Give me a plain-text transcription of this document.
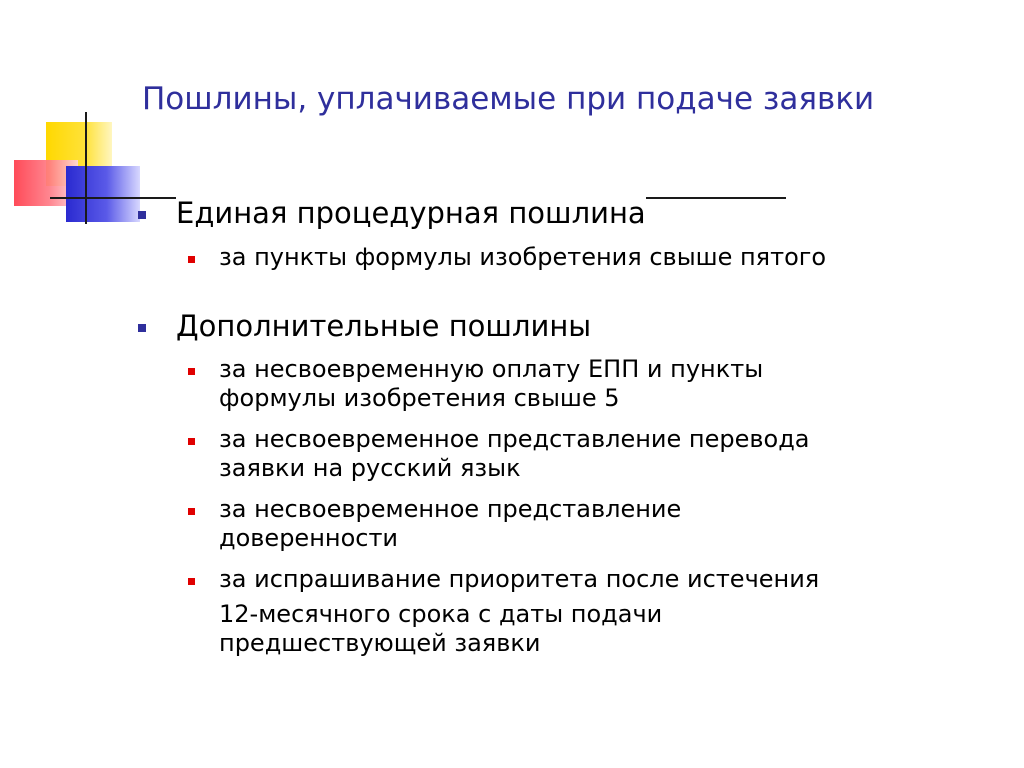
Пошлины, уплачиваемые при подаче заявки
Единая процедурная пошлина
за пункты формулы изобретения свыше пятого
Дополнительные пошлины
за несвоевременную оплату ЕПП и пункты
формулы изобретения свыше 5
за несвоевременное представление перевода
заявки на русский язык
за несвоевременное представление
доверенности
за испрашивание приоритета после истечения
12-месячного срока с даты подачи
предшествующей заявки
